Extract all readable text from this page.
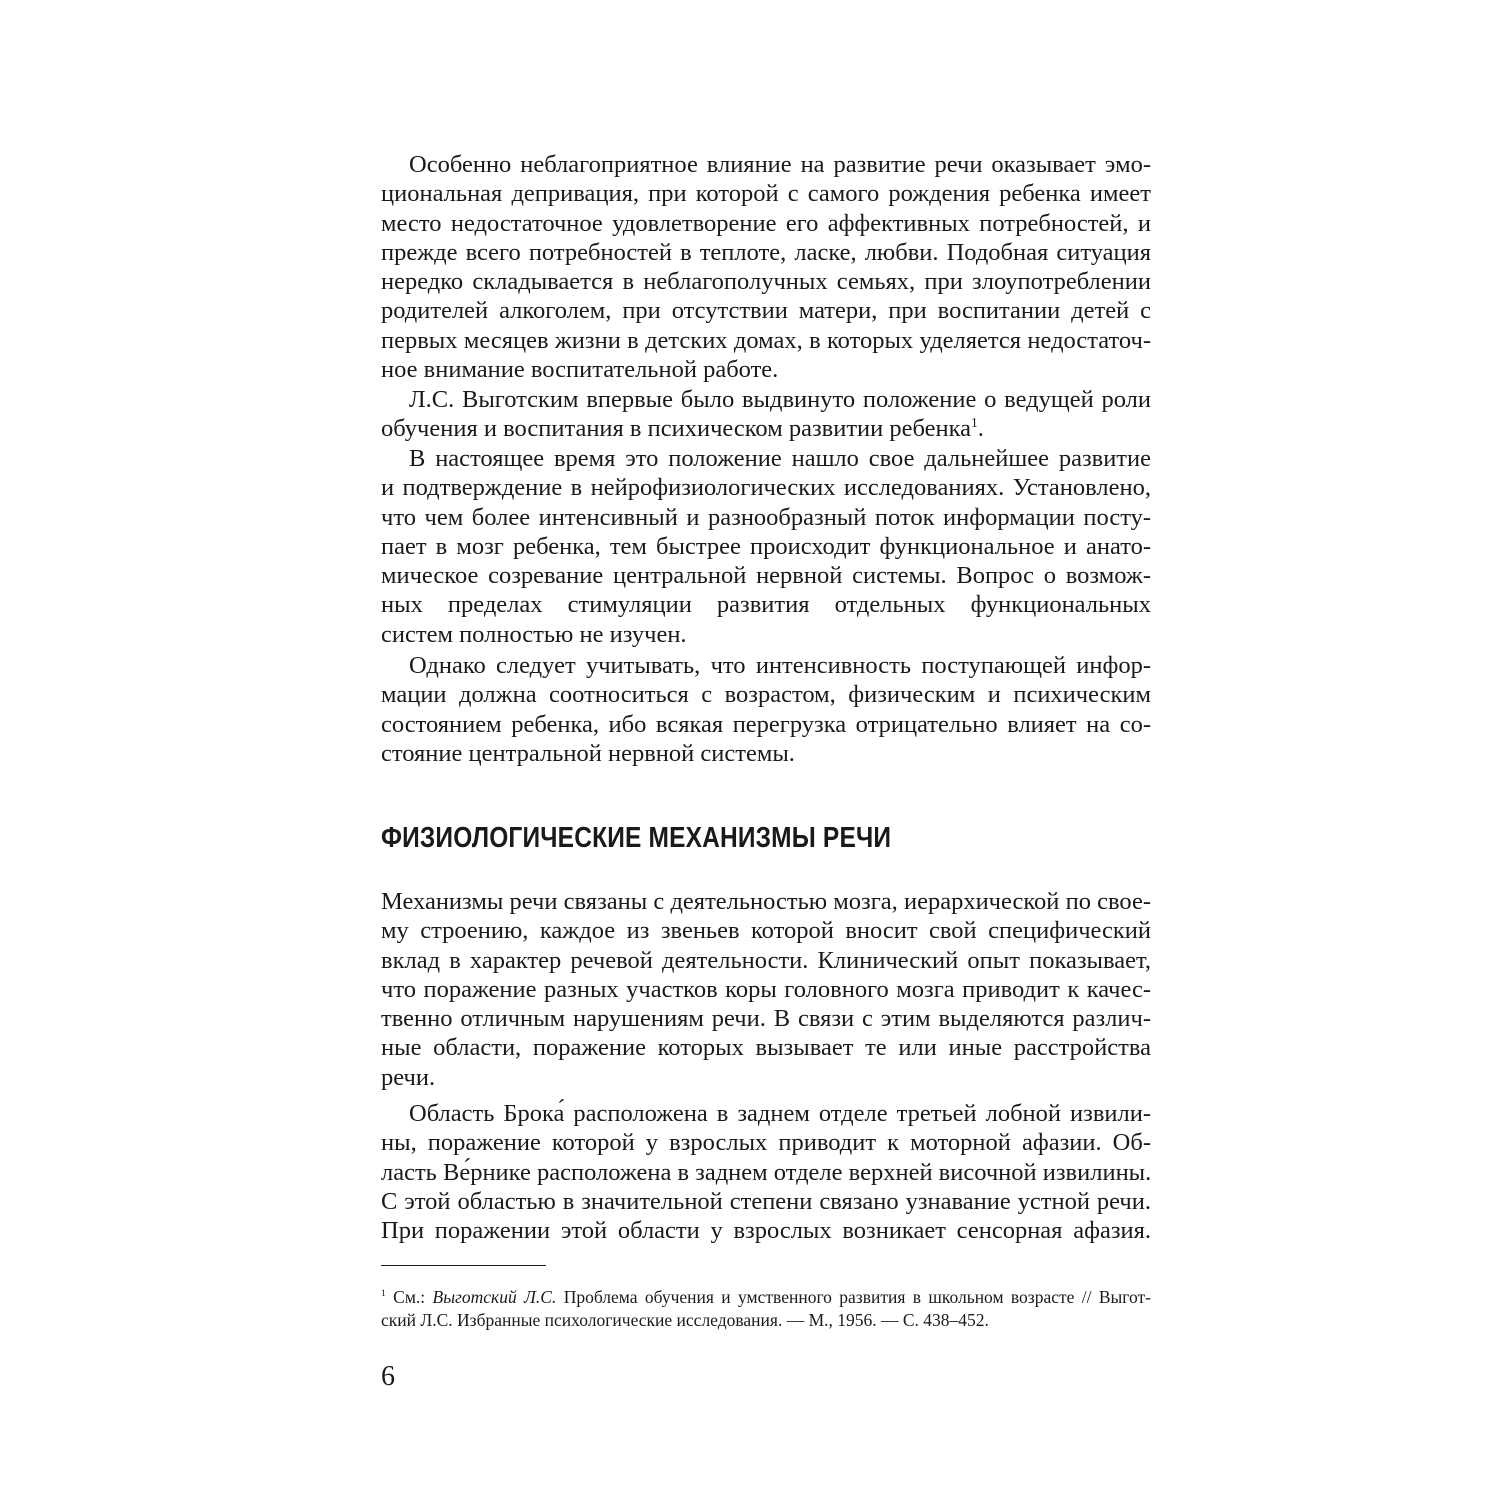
Особенно неблагоприятное влияние на развитие речи оказывает эмо-
циональная депривация, при которой с самого рождения ребенка имеет
место недостаточное удовлетворение его аффективных потребностей, и
прежде всего потребностей в теплоте, ласке, любви. Подобная ситуация
нередко складывается в неблагополучных семьях, при злоупотреблении
родителей алкоголем, при отсутствии матери, при воспитании детей с
первых месяцев жизни в детских домах, в которых уделяется недостаточ-
ное внимание воспитательной работе.

Л.С. Выготским впервые было выдвинуто положение о ведущей роли
обучения и воспитания в психическом развитии ребенка$^1$.

В настоящее время это положение нашло свое дальнейшее развитие
и подтверждение в нейрофизиологических исследованиях. Установлено,
что чем более интенсивный и разнообразный поток информации посту-
пает в мозг ребенка, тем быстрее происходит функциональное и анато-
мическое созревание центральной нервной системы. Вопрос о возмож-
ных пределах стимуляции развития отдельных функциональных
систем полностью не изучен.

Однако следует учитывать, что интенсивность поступающей инфор-
мации должна соотноситься с возрастом, физическим и психическим
состоянием ребенка, ибо всякая перегрузка отрицательно влияет на со-
стояние центральной нервной системы.

ФИЗИОЛОГИЧЕСКИЕ МЕХАНИЗМЫ РЕЧИ

Механизмы речи связаны с деятельностью мозга, иерархической по свое-
му строению, каждое из звеньев которой вносит свой специфический
вклад в характер речевой деятельности. Клинический опыт показывает,
что поражение разных участков коры головного мозга приводит к качес-
твенно отличным нарушениям речи. В связи с этим выделяются различ-
ные области, поражение которых вызывает те или иные расстройства
речи.

Область Брока́ расположена в заднем отделе третьей лобной извили-
ны, поражение которой у взрослых приводит к моторной афазии. Об-
ласть Ве́рнике расположена в заднем отделе верхней височной извилины.
С этой областью в значительной степени связано узнавание устной речи.
При поражении этой области у взрослых возникает сенсорная афазия.

$^1$ См.: Выготский Л.С. Проблема обучения и умственного развития в школьном возрасте // Выгот-
ский Л.С. Избранные психологические исследования. — М., 1956. — С. 438–452.

6
